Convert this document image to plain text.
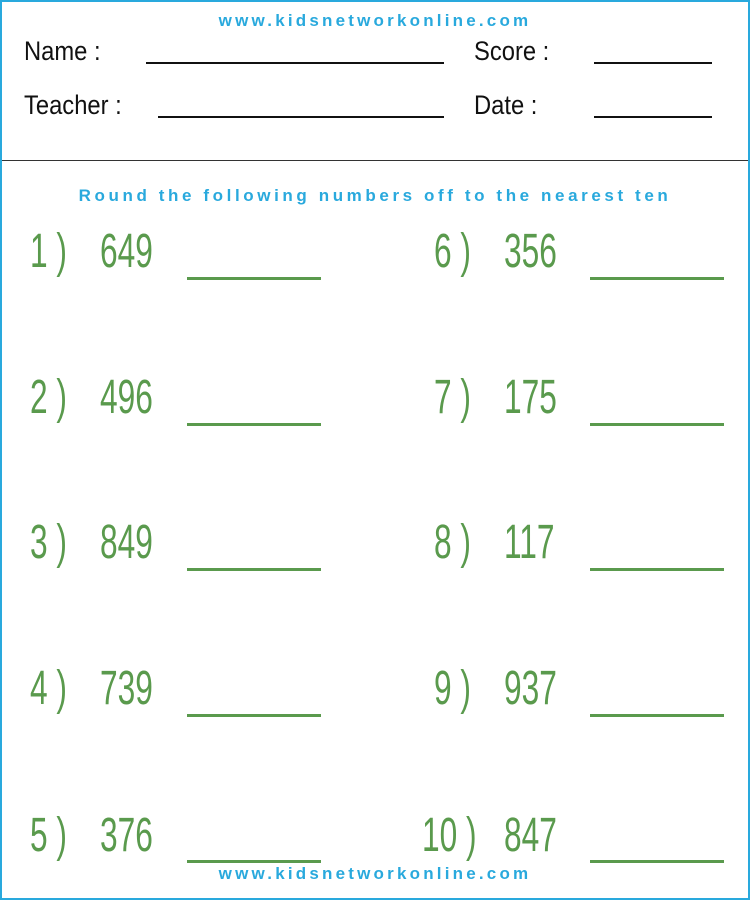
www.kidsnetworkonline.com
Name :	Score :
Teacher :	Date :
Round the following numbers off to the nearest ten
1 ) 649
2 ) 496
3 ) 849
4 ) 739
5 ) 376
6 ) 356
7 ) 175
8 ) 117
9 ) 937
10 ) 847
www.kidsnetworkonline.com
